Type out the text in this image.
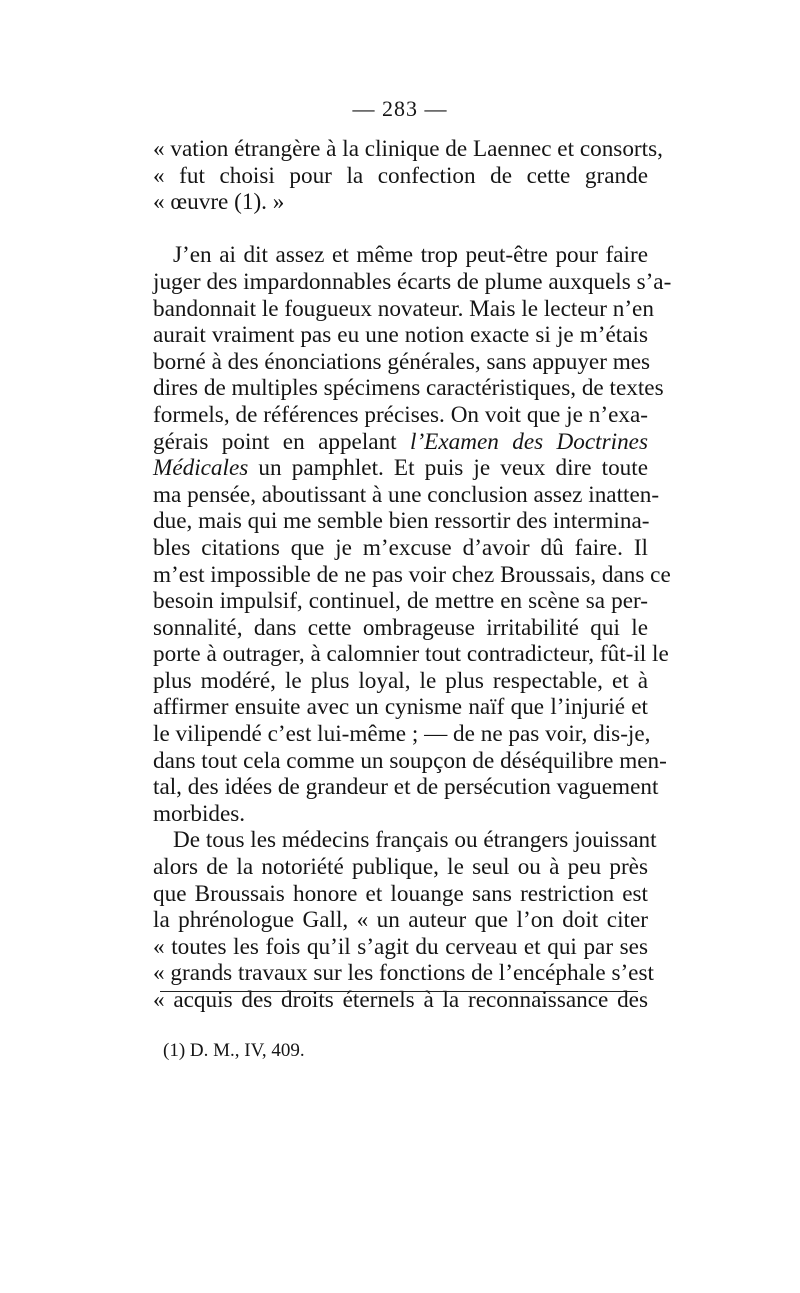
— 283 —
« vation étrangère à la clinique de Laennec et consorts,
« fut choisi pour la confection de cette grande
« œuvre (1). »
J’en ai dit assez et même trop peut-être pour faire
juger des impardonnables écarts de plume auxquels s’a-
bandonnait le fougueux novateur. Mais le lecteur n’en
aurait vraiment pas eu une notion exacte si je m’étais
borné à des énonciations générales, sans appuyer mes
dires de multiples spécimens caractéristiques, de textes
formels, de références précises. On voit que je n’exa-
gérais point en appelant l’Examen des Doctrines
Médicales un pamphlet. Et puis je veux dire toute
ma pensée, aboutissant à une conclusion assez inatten-
due, mais qui me semble bien ressortir des intermina-
bles citations que je m’excuse d’avoir dû faire. Il
m’est impossible de ne pas voir chez Broussais, dans ce
besoin impulsif, continuel, de mettre en scène sa per-
sonnalité, dans cette ombrageuse irritabilité qui le
porte à outrager, à calomnier tout contradicteur, fût-il le
plus modéré, le plus loyal, le plus respectable, et à
affirmer ensuite avec un cynisme naïf que l’injurié et
le vilipendé c’est lui-même ; — de ne pas voir, dis-je,
dans tout cela comme un soupçon de déséquilibre men-
tal, des idées de grandeur et de persécution vaguement
morbides.
De tous les médecins français ou étrangers jouissant
alors de la notoriété publique, le seul ou à peu près
que Broussais honore et louange sans restriction est
la phrénologue Gall, « un auteur que l’on doit citer
« toutes les fois qu’il s’agit du cerveau et qui par ses
« grands travaux sur les fonctions de l’encéphale s’est
« acquis des droits éternels à la reconnaissance des
(1) D. M., IV, 409.
